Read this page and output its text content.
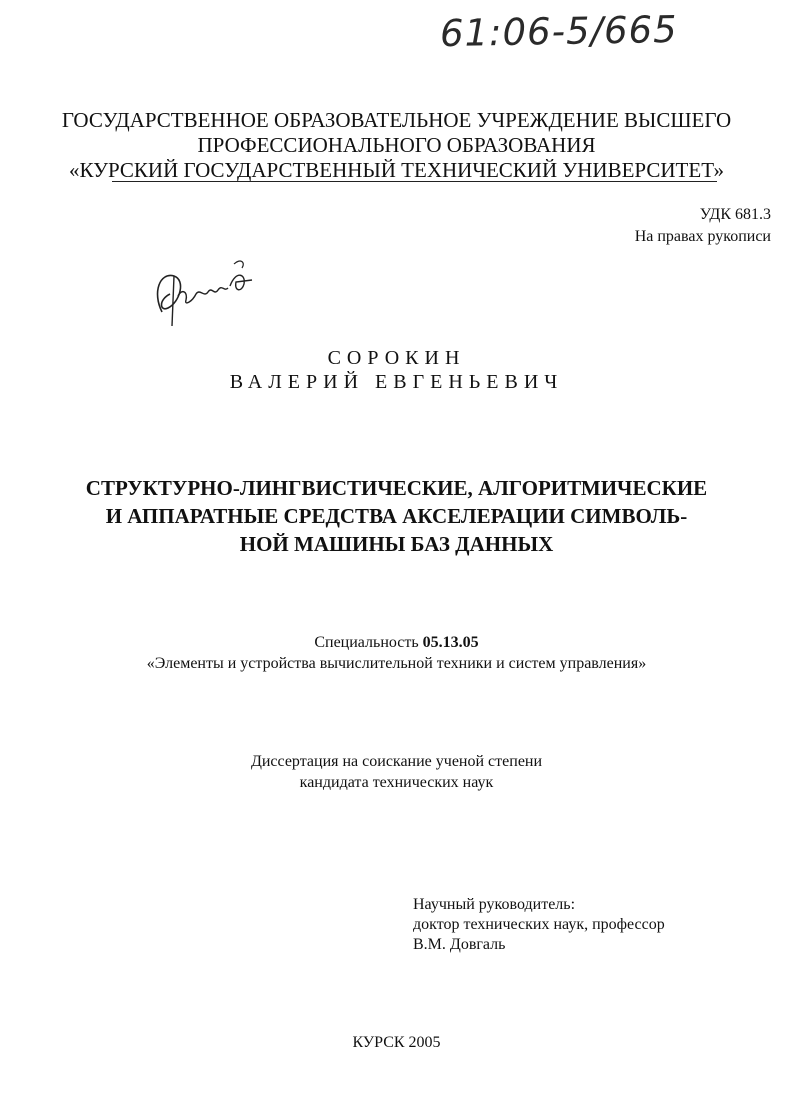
61:06-5/665
ГОСУДАРСТВЕННОЕ ОБРАЗОВАТЕЛЬНОЕ УЧРЕЖДЕНИЕ ВЫСШЕГО
ПРОФЕССИОНАЛЬНОГО ОБРАЗОВАНИЯ
«КУРСКИЙ ГОСУДАРСТВЕННЫЙ ТЕХНИЧЕСКИЙ УНИВЕРСИТЕТ»
УДК 681.3
На правах рукописи
СОРОКИН
ВАЛЕРИЙ ЕВГЕНЬЕВИЧ
СТРУКТУРНО-ЛИНГВИСТИЧЕСКИЕ, АЛГОРИТМИЧЕСКИЕ
И АППАРАТНЫЕ СРЕДСТВА АКСЕЛЕРАЦИИ СИМВОЛЬ-
НОЙ МАШИНЫ БАЗ ДАННЫХ
Специальность 05.13.05
«Элементы и устройства вычислительной техники и систем управления»
Диссертация на соискание ученой степени
кандидата технических наук
Научный руководитель:
доктор технических наук, профессор
В.М. Довгаль
КУРСК 2005
